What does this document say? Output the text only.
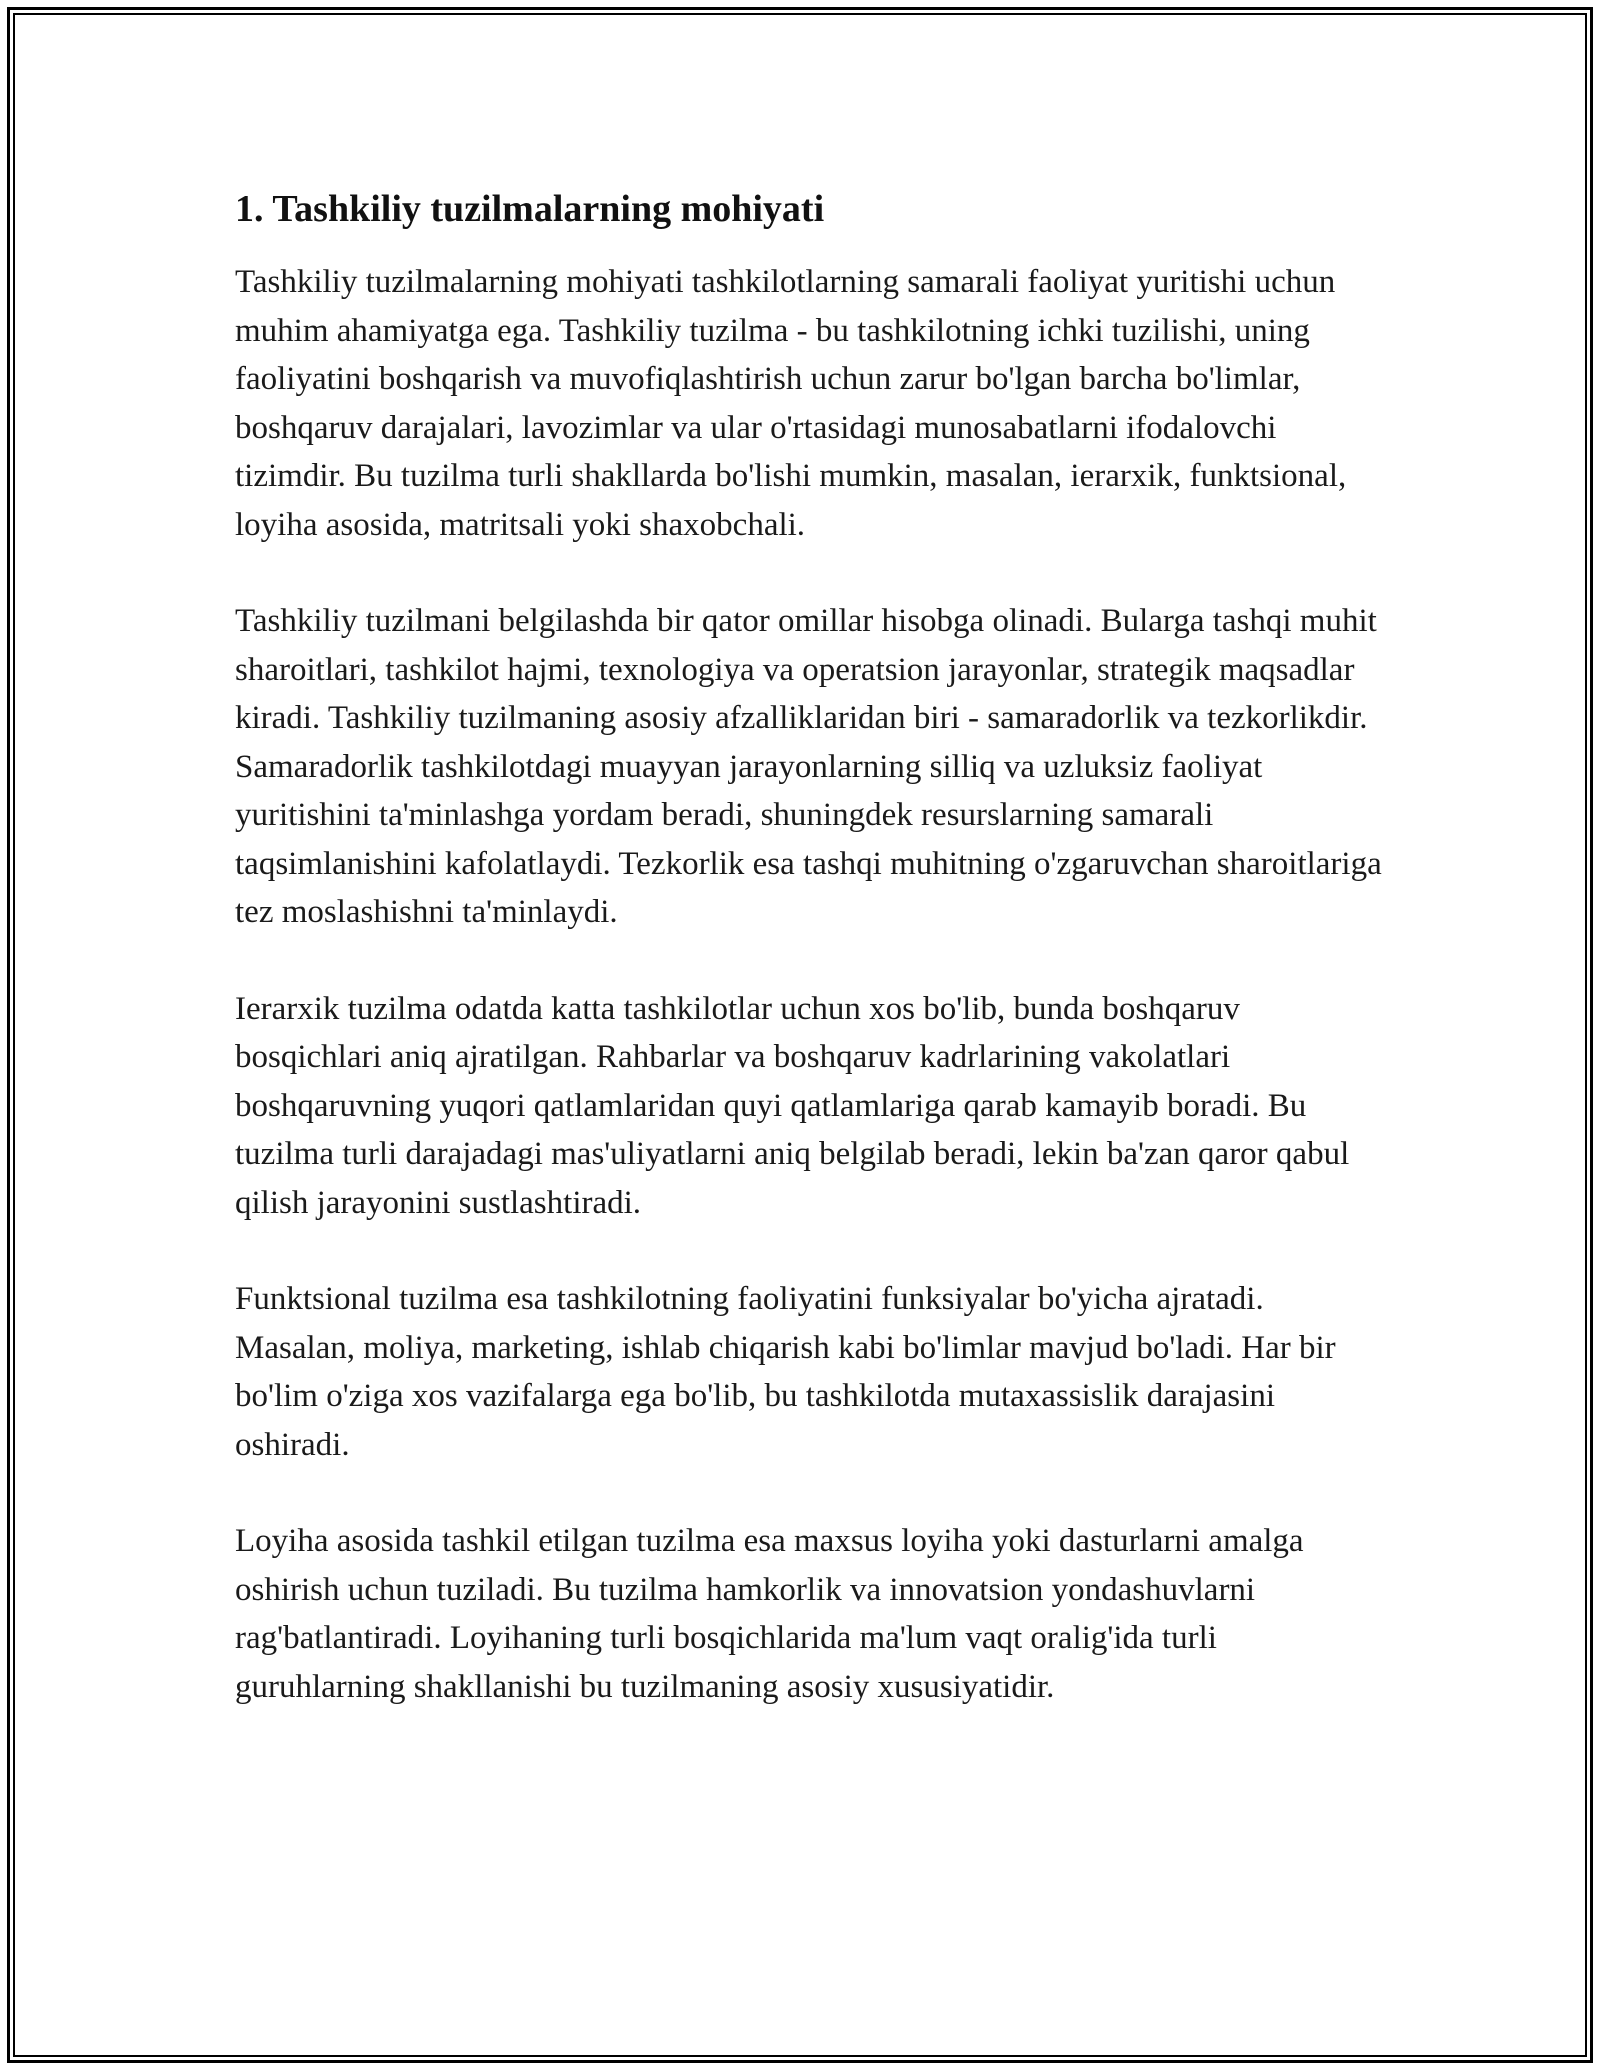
1. Tashkiliy tuzilmalarning mohiyati

Tashkiliy tuzilmalarning mohiyati tashkilotlarning samarali faoliyat yuritishi uchun muhim ahamiyatga ega. Tashkiliy tuzilma - bu tashkilotning ichki tuzilishi, uning faoliyatini boshqarish va muvofiqlashtirish uchun zarur bo'lgan barcha bo'limlar, boshqaruv darajalari, lavozimlar va ular o'rtasidagi munosabatlarni ifodalovchi tizimdir. Bu tuzilma turli shakllarda bo'lishi mumkin, masalan, ierarxik, funktsional, loyiha asosida, matritsali yoki shaxobchali.

Tashkiliy tuzilmani belgilashda bir qator omillar hisobga olinadi. Bularga tashqi muhit sharoitlari, tashkilot hajmi, texnologiya va operatsion jarayonlar, strategik maqsadlar kiradi. Tashkiliy tuzilmaning asosiy afzalliklaridan biri - samaradorlik va tezkorlikdir. Samaradorlik tashkilotdagi muayyan jarayonlarning silliq va uzluksiz faoliyat yuritishini ta'minlashga yordam beradi, shuningdek resurslarning samarali taqsimlanishini kafolatlaydi. Tezkorlik esa tashqi muhitning o'zgaruvchan sharoitlariga tez moslashishni ta'minlaydi.

Ierarxik tuzilma odatda katta tashkilotlar uchun xos bo'lib, bunda boshqaruv bosqichlari aniq ajratilgan. Rahbarlar va boshqaruv kadrlarining vakolatlari boshqaruvning yuqori qatlamlaridan quyi qatlamlariga qarab kamayib boradi. Bu tuzilma turli darajadagi mas'uliyatlarni aniq belgilab beradi, lekin ba'zan qaror qabul qilish jarayonini sustlashtiradi.

Funktsional tuzilma esa tashkilotning faoliyatini funksiyalar bo'yicha ajratadi. Masalan, moliya, marketing, ishlab chiqarish kabi bo'limlar mavjud bo'ladi. Har bir bo'lim o'ziga xos vazifalarga ega bo'lib, bu tashkilotda mutaxassislik darajasini oshiradi.

Loyiha asosida tashkil etilgan tuzilma esa maxsus loyiha yoki dasturlarni amalga oshirish uchun tuziladi. Bu tuzilma hamkorlik va innovatsion yondashuvlarni rag'batlantiradi. Loyihaning turli bosqichlarida ma'lum vaqt oralig'ida turli guruhlarning shakllanishi bu tuzilmaning asosiy xususiyatidir.
